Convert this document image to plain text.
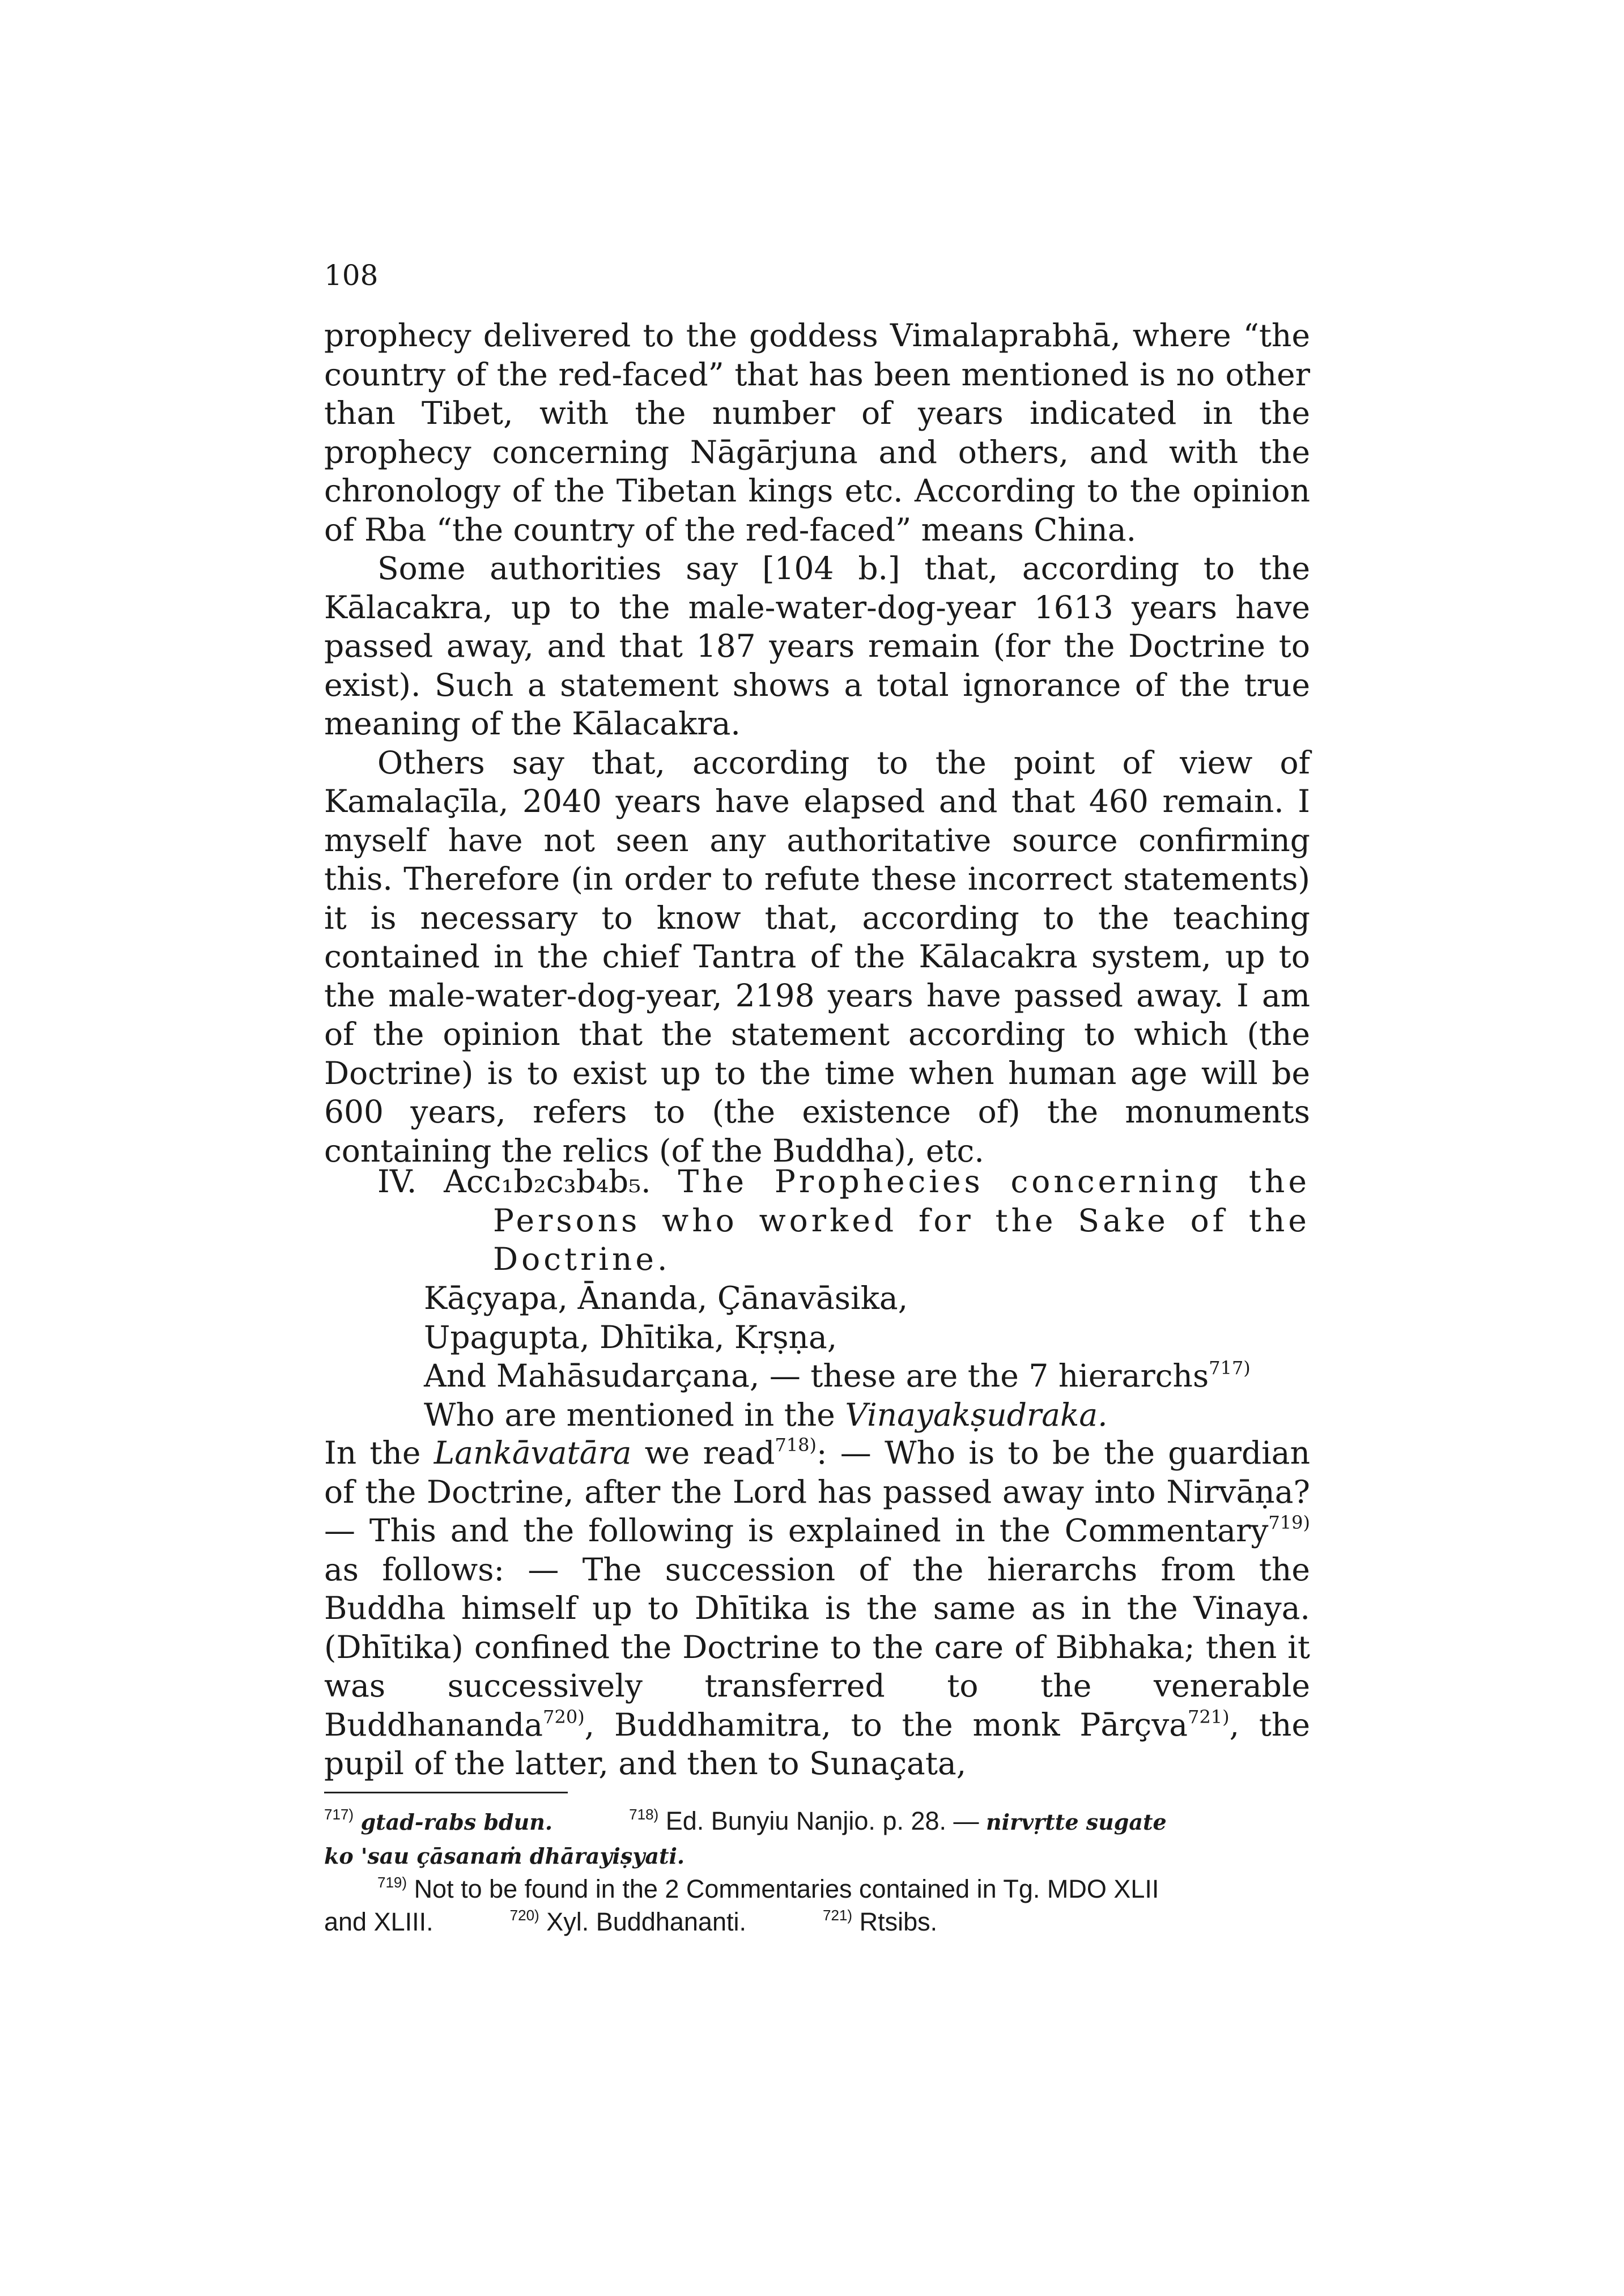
108

prophecy delivered to the goddess Vimalaprabhā, where “the country of the red-faced” that has been mentioned is no other than Tibet, with the number of years indicated in the prophecy concerning Nāgārjuna and others, and with the chronology of the Tibetan kings etc. According to the opinion of Rba “the country of the red-faced” means China.

Some authorities say [104 b.] that, according to the Kālacakra, up to the male-water-dog-year 1613 years have passed away, and that 187 years remain (for the Doctrine to exist). Such a statement shows a total ignorance of the true meaning of the Kālacakra.

Others say that, according to the point of view of Kamalaçīla, 2040 years have elapsed and that 460 remain. I myself have not seen any authoritative source confirming this. Therefore (in order to refute these incorrect statements) it is necessary to know that, according to the teaching contained in the chief Tantra of the Kālacakra system, up to the male-water-dog-year, 2198 years have passed away. I am of the opinion that the statement according to which (the Doctrine) is to exist up to the time when human age will be 600 years, refers to (the existence of) the monuments containing the relics (of the Buddha), etc.

IV. Acc₁b₂c₃b₄b₅. The Prophecies concerning the
Persons who worked for the Sake of the
Doctrine.
Kāçyapa, Ānanda, Çānavāsika,
Upagupta, Dhītika, Kṛṣṇa,
And Mahāsudarçana, — these are the 7 hierarchs$^{717)}$
Who are mentioned in the Vinayakṣudraka.

In the Lankāvatāra we read$^{718)}$: — Who is to be the guardian of the Doctrine, after the Lord has passed away into Nirvāṇa? — This and the following is explained in the Commentary$^{719)}$ as follows: — The succession of the hierarchs from the Buddha himself up to Dhītika is the same as in the Vinaya. (Dhītika) confined the Doctrine to the care of Bibhaka; then it was successively transferred to the venerable Buddhananda$^{720)}$, Buddhamitra, to the monk Pārçva$^{721)}$, the pupil of the latter, and then to Sunaçata,

$^{717)}$ gtad-rabs bdun.	$^{718)}$ Ed. Bunyiu Nanjio. p. 28. — nirvṛtte sugate
ko 'sau çāsanaṁ dhārayiṣyati.
$^{719)}$ Not to be found in the 2 Commentaries contained in Tg. MDO XLII
and XLIII.	$^{720)}$ Xyl. Buddhananti.	$^{721)}$ Rtsibs.
